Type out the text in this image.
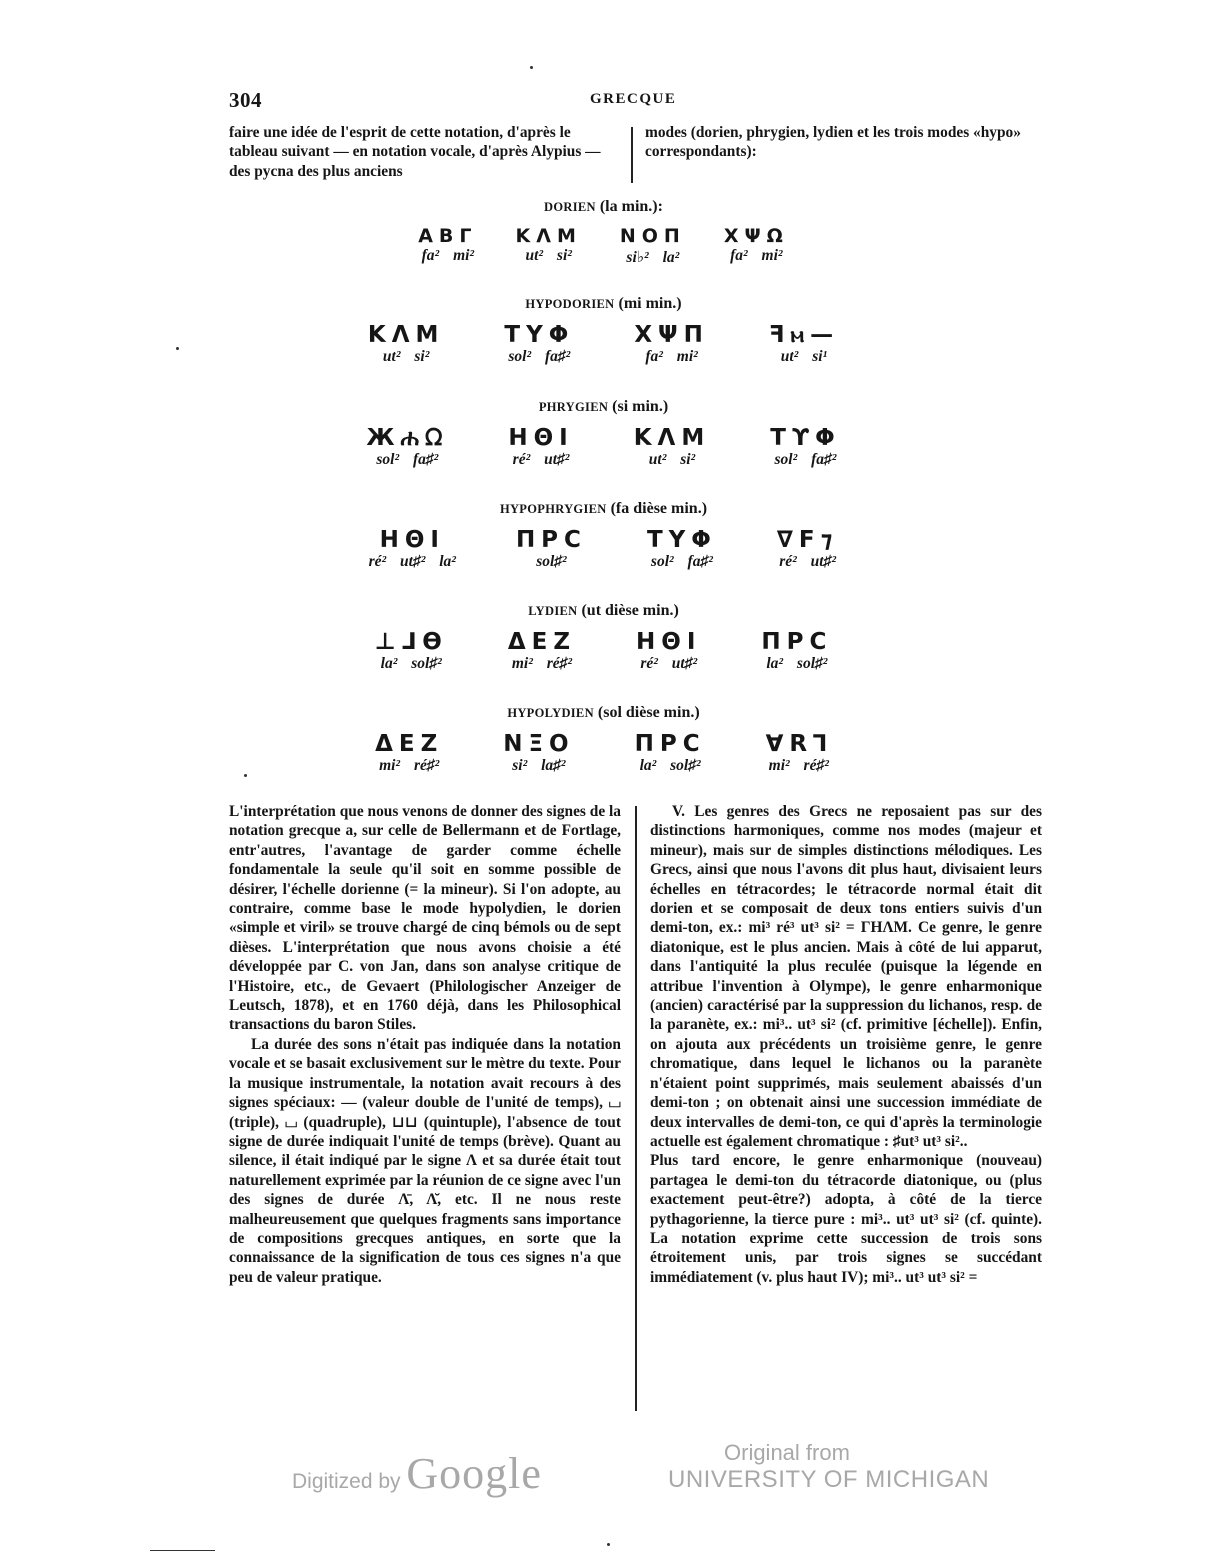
304	GRECQUE
faire une idée de l'esprit de cette notation, d'après le tableau suivant — en notation vocale, d'après Alypius — des pycna des plus anciens
modes (dorien, phrygien, lydien et les trois modes «hypo» correspondants):
DORIEN (la min.):
ΑΒΓ
fa² mi²
ΚΛΜ
ut² si²
ΝΟΠ
si♭² la²
ΧΨΩ
fa² mi²
HYPODORIEN (mi min.)
ΚΛΜ
ut² si²
ΤΥΦ
sol² fa♯²
ΧΨΠ
fa² mi²
ꟻⲙ—
ut² si¹
PHRYGIEN (si min.)
Жሐᘯ
sol² fa♯²
ΗΘΙ
ré² ut♯²
ΚΛΜ
ut² si²
ΤϒΦ
sol² fa♯²
HYPOPHRYGIEN (fa dièse min.)
ΗΘΙ
ré² ut♯² la²
ΠΡC
sol♯²
ΤΥΦ
sol² fa♯²
∇F⁊
ré² ut♯²
LYDIEN (ut dièse min.)
⊥⅃ϴ
la² sol♯²
ΔΕΖ
mi² ré♯²
ΗΘΙ
ré² ut♯²
ΠΡC
la² sol♯²
HYPOLYDIEN (sol dièse min.)
ΔΕΖ
mi² ré♯²
ΝΞΟ
si² la♯²
ΠΡC
la² sol♯²
∀R⅂
mi² ré♯²

L'interprétation que nous venons de donner des signes de la notation grecque a, sur celle de Bellermann et de Fortlage, entr'autres, l'avantage de garder comme échelle fondamentale la seule qu'il soit en somme possible de désirer, l'échelle dorienne (= la mineur). Si l'on adopte, au contraire, comme base le mode hypolydien, le dorien «simple et viril» se trouve chargé de cinq bémols ou de sept dièses. L'interprétation que nous avons choisie a été développée par C. von Jan, dans son analyse critique de l'Histoire, etc., de Gevaert (Philologischer Anzeiger de Leutsch, 1878), et en 1760 déjà, dans les Philosophical transactions du baron Stiles.

La durée des sons n'était pas indiquée dans la notation vocale et se basait exclusivement sur le mètre du texte. Pour la musique instrumentale, la notation avait recours à des signes spéciaux: — (valeur double de l'unité de temps), ⌴ (triple), ⌴ (quadruple), ⊔⊔ (quintuple), l'absence de tout signe de durée indiquait l'unité de temps (brève). Quant au silence, il était indiqué par le signe Λ et sa durée était tout naturellement exprimée par la réunion de ce signe avec l'un des signes de durée Λ̄, Λ̆, etc. Il ne nous reste malheureusement que quelques fragments sans importance de compositions grecques antiques, en sorte que la connaissance de la signification de tous ces signes n'a que peu de valeur pratique.

V. Les genres des Grecs ne reposaient pas sur des distinctions harmoniques, comme nos modes (majeur et mineur), mais sur de simples distinctions mélodiques. Les Grecs, ainsi que nous l'avons dit plus haut, divisaient leurs échelles en tétracordes; le tétracorde normal était dit dorien et se composait de deux tons entiers suivis d'un demi-ton, ex.: mi³ ré³ ut³ si² = ΓΗΛΜ. Ce genre, le genre diatonique, est le plus ancien. Mais à côté de lui apparut, dans l'antiquité la plus reculée (puisque la légende en attribue l'invention à Olympe), le genre enharmonique (ancien) caractérisé par la suppression du lichanos, resp. de la paranète, ex.: mi³.. ut³ si² (cf. primitive [échelle]). Enfin, on ajouta aux précédents un troisième genre, le genre chromatique, dans lequel le lichanos ou la paranète n'étaient point supprimés, mais seulement abaissés d'un demi-ton ; on obtenait ainsi une succession immédiate de deux intervalles de demi-ton, ce qui d'après la terminologie actuelle est également chromatique : ♯ut³ ut³ si²..

Plus tard encore, le genre enharmonique (nouveau) partagea le demi-ton du tétracorde diatonique, ou (plus exactement peut-être?) adopta, à côté de la tierce pythagorienne, la tierce pure : mi³.. ut³ ut³ si² (cf. quinte). La notation exprime cette succession de trois sons étroitement unis, par trois signes se succédant immédiatement (v. plus haut IV); mi³.. ut³ ut³ si² =

Digitized by Google	Original from
UNIVERSITY OF MICHIGAN
